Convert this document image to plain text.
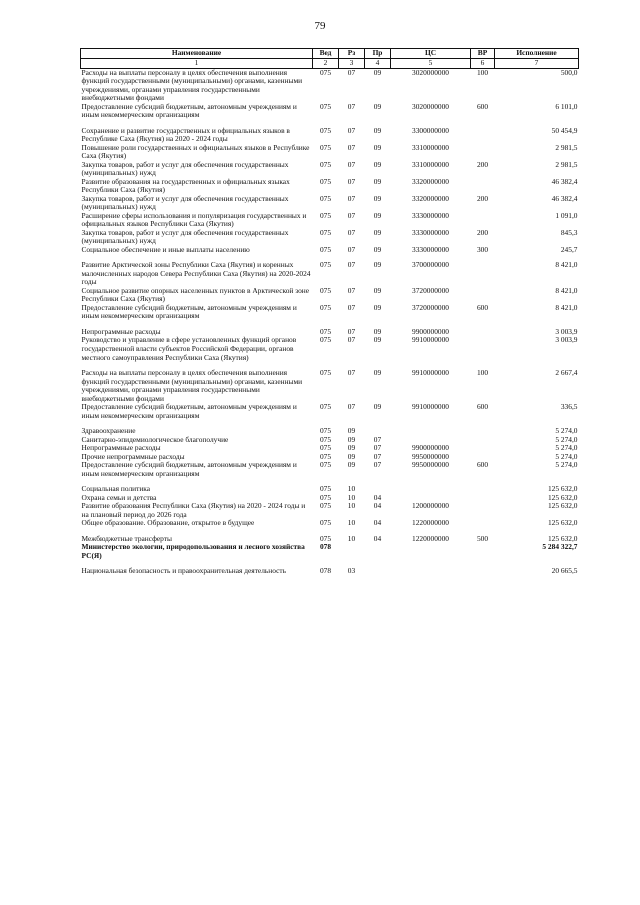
79
Наименование	Вед	Рз	Пр	ЦС	ВР	Исполнение
1	2	3	4	5	6	7
Расходы на выплаты персоналу в целях обеспечения выполнения функций государственными (муниципальными) органами, казенными учреждениями, органами управления государственными внебюджетными фондами	075	07	09	3020000000	100	500,0
Предоставление субсидий бюджетным, автономным учреждениям и иным некоммерческим организациям	075	07	09	3020000000	600	6 101,0
Сохранение и развитие государственных и официальных языков в Республике Саха (Якутия) на 2020 - 2024 годы	075	07	09	3300000000		50 454,9
Повышение роли государственных и официальных языков в Республике Саха (Якутия)	075	07	09	3310000000		2 981,5
Закупка товаров, работ и услуг для обеспечения государственных (муниципальных) нужд	075	07	09	3310000000	200	2 981,5
Развитие образования на государственных и официальных языках Республики Саха (Якутия)	075	07	09	3320000000		46 382,4
Закупка товаров, работ и услуг для обеспечения государственных (муниципальных) нужд	075	07	09	3320000000	200	46 382,4
Расширение сферы использования и популяризация государственных и официальных языков Республики Саха (Якутия)	075	07	09	3330000000		1 091,0
Закупка товаров, работ и услуг для обеспечения государственных (муниципальных) нужд	075	07	09	3330000000	200	845,3
Социальное обеспечение и иные выплаты населению	075	07	09	3330000000	300	245,7
Развитие Арктической зоны Республики Саха (Якутия) и коренных малочисленных народов Севера Республики Саха (Якутия) на 2020-2024 годы	075	07	09	3700000000		8 421,0
Социальное развитие опорных населенных пунктов в Арктической зоне Республики Саха (Якутия)	075	07	09	3720000000		8 421,0
Предоставление субсидий бюджетным, автономным учреждениям и иным некоммерческим организациям	075	07	09	3720000000	600	8 421,0
Непрограммные расходы	075	07	09	9900000000		3 003,9
Руководство и управление в сфере установленных функций органов государственной власти субъектов Российской Федерации, органов местного самоуправления Республики Саха (Якутия)	075	07	09	9910000000		3 003,9
Расходы на выплаты персоналу в целях обеспечения выполнения функций государственными (муниципальными) органами, казенными учреждениями, органами управления государственными внебюджетными фондами	075	07	09	9910000000	100	2 667,4
Предоставление субсидий бюджетным, автономным учреждениям и иным некоммерческим организациям	075	07	09	9910000000	600	336,5
Здравоохранение	075	09				5 274,0
Санитарно-эпидемиологическое благополучие	075	09	07			5 274,0
Непрограммные расходы	075	09	07	9900000000		5 274,0
Прочие непрограммные расходы	075	09	07	9950000000		5 274,0
Предоставление субсидий бюджетным, автономным учреждениям и иным некоммерческим организациям	075	09	07	9950000000	600	5 274,0
Социальная политика	075	10				125 632,0
Охрана семьи и детства	075	10	04			125 632,0
Развитие образования Республики Саха (Якутия) на 2020 - 2024 годы и на плановый период до 2026 года	075	10	04	1200000000		125 632,0
Общее образование. Образование, открытое в будущее	075	10	04	1220000000		125 632,0
Межбюджетные трансферты	075	10	04	1220000000	500	125 632,0
Министерство экологии, природопользования и лесного хозяйства РС(Я)	078					5 284 322,7
Национальная безопасность и правоохранительная деятельность	078	03				20 665,5
